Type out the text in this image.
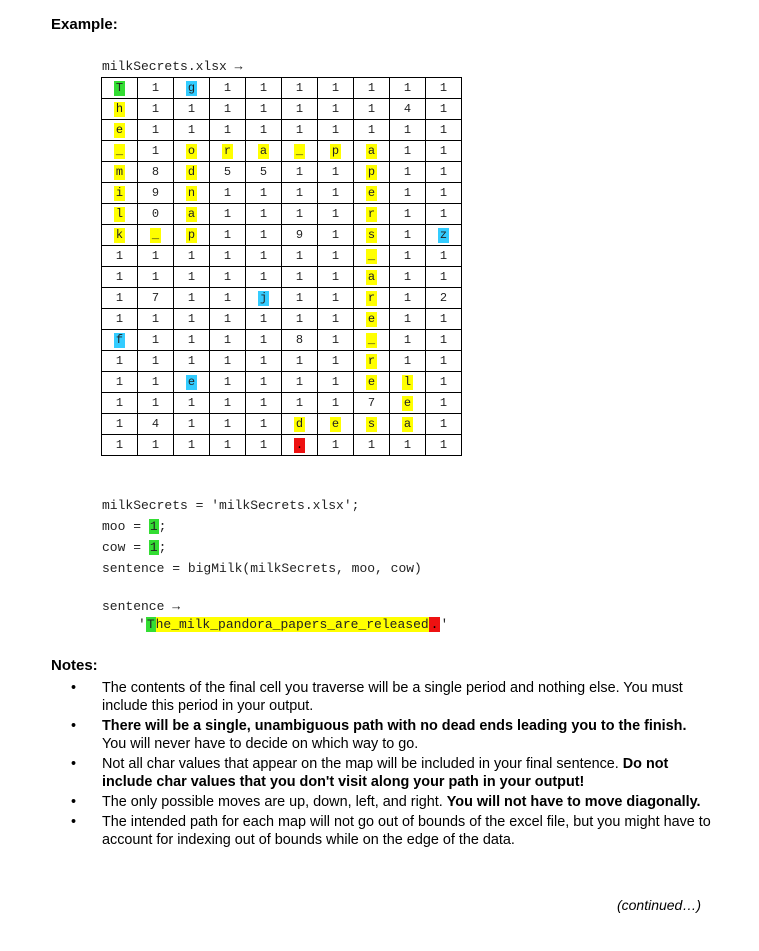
Example:
milkSecrets.xlsx →
T	1	g	1	1	1	1	1	1	1
h	1	1	1	1	1	1	1	4	1
e	1	1	1	1	1	1	1	1	1
_	1	o	r	a	_	p	a	1	1
m	8	d	5	5	1	1	p	1	1
i	9	n	1	1	1	1	e	1	1
l	0	a	1	1	1	1	r	1	1
k	_	p	1	1	9	1	s	1	z
1	1	1	1	1	1	1	_	1	1
1	1	1	1	1	1	1	a	1	1
1	7	1	1	j	1	1	r	1	2
1	1	1	1	1	1	1	e	1	1
f	1	1	1	1	8	1	_	1	1
1	1	1	1	1	1	1	r	1	1
1	1	e	1	1	1	1	e	l	1
1	1	1	1	1	1	1	7	e	1
1	4	1	1	1	d	e	s	a	1
1	1	1	1	1	.	1	1	1	1
milkSecrets = 'milkSecrets.xlsx';
moo = 1;
cow = 1;
sentence = bigMilk(milkSecrets, moo, cow)
sentence →
'The_milk_pandora_papers_are_released . '
Notes:
• The contents of the final cell you traverse will be a single period and nothing else. You must include this period in your output.
• There will be a single, unambiguous path with no dead ends leading you to the finish. You will never have to decide on which way to go.
• Not all char values that appear on the map will be included in your final sentence. Do not include char values that you don't visit along your path in your output!
• The only possible moves are up, down, left, and right. You will not have to move diagonally.
• The intended path for each map will not go out of bounds of the excel file, but you might have to account for indexing out of bounds while on the edge of the data.
(continued…)
